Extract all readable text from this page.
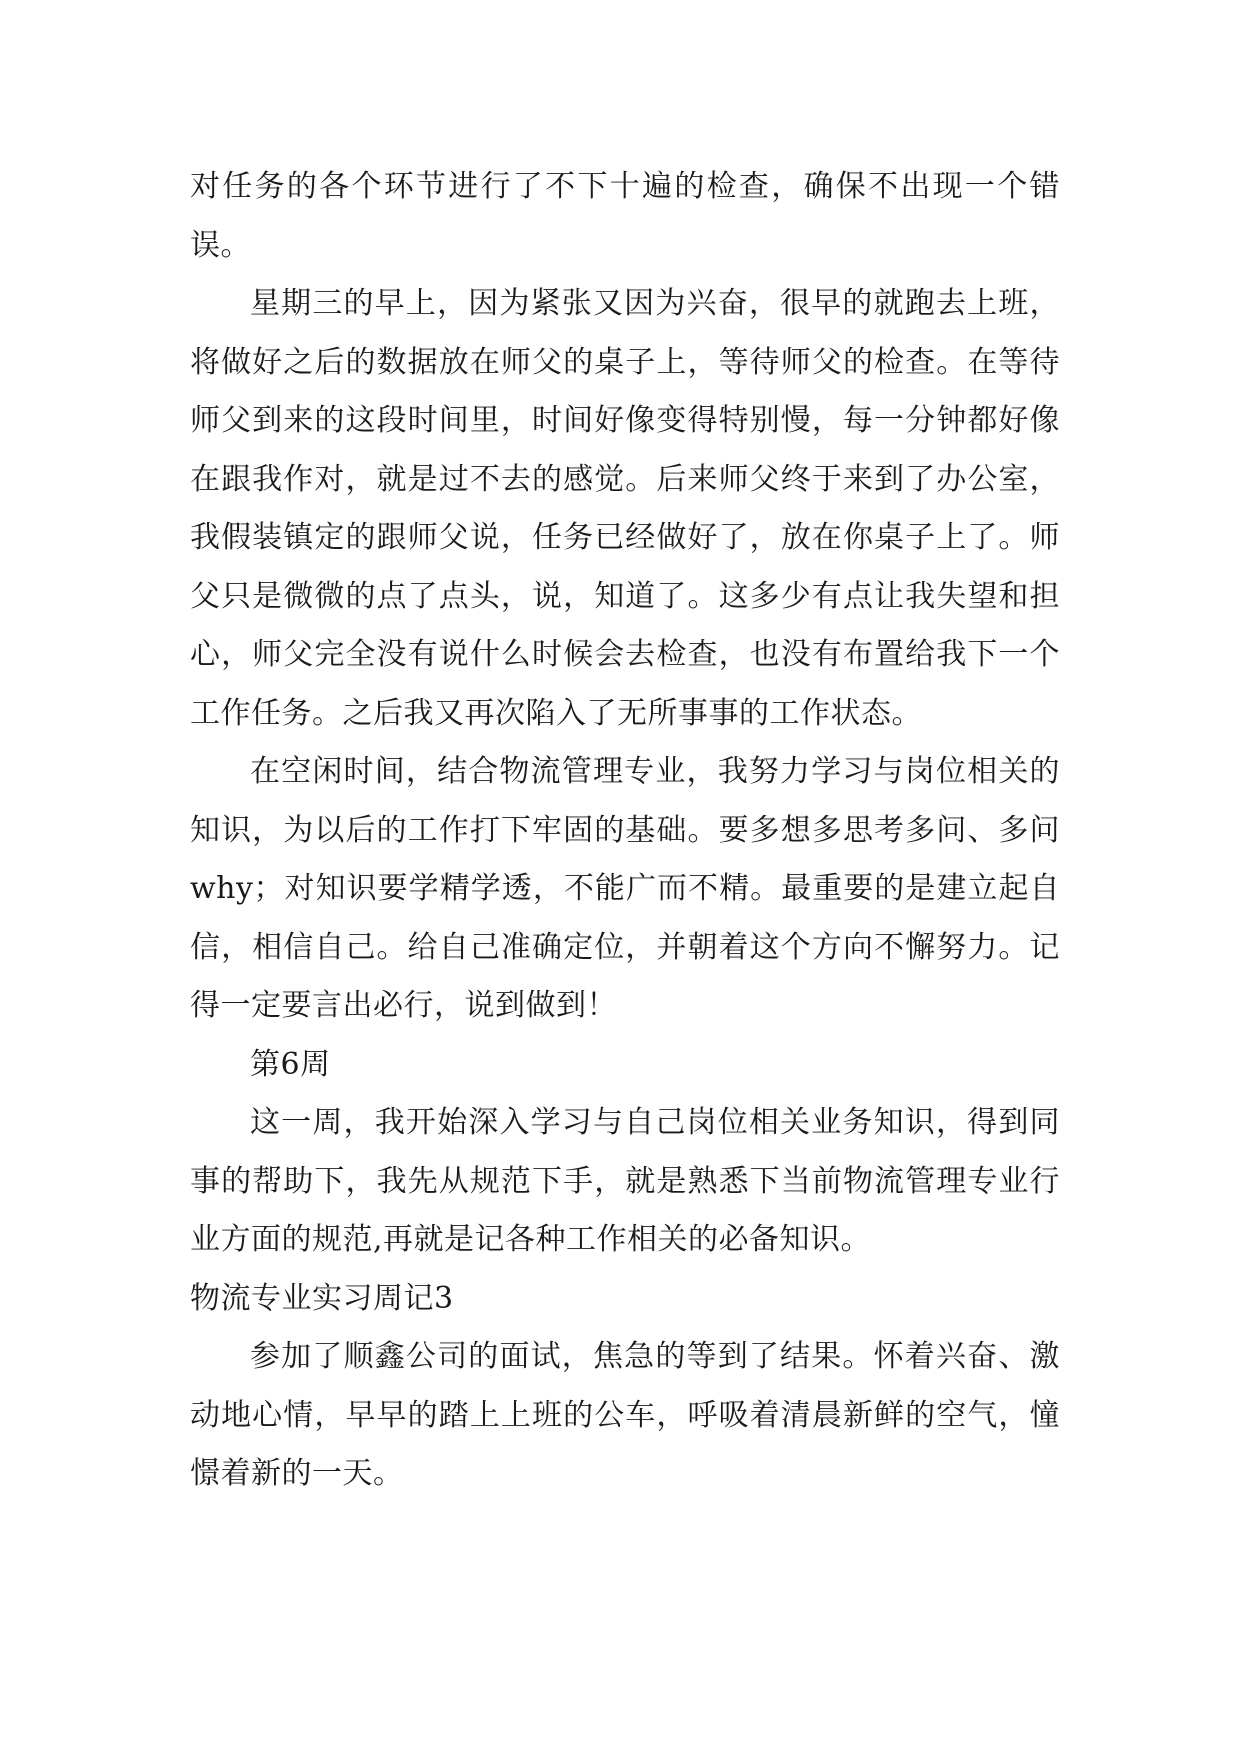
对任务的各个环节进行了不下十遍的检查，确保不出现一个错误。

星期三的早上，因为紧张又因为兴奋，很早的就跑去上班，将做好之后的数据放在师父的桌子上，等待师父的检查。在等待师父到来的这段时间里，时间好像变得特别慢，每一分钟都好像在跟我作对，就是过不去的感觉。后来师父终于来到了办公室，我假装镇定的跟师父说，任务已经做好了，放在你桌子上了。师父只是微微的点了点头，说，知道了。这多少有点让我失望和担心，师父完全没有说什么时候会去检查，也没有布置给我下一个工作任务。之后我又再次陷入了无所事事的工作状态。

在空闲时间，结合物流管理专业，我努力学习与岗位相关的知识，为以后的工作打下牢固的基础。要多想多思考多问、多问why；对知识要学精学透，不能广而不精。最重要的是建立起自信，相信自己。给自己准确定位，并朝着这个方向不懈努力。记得一定要言出必行，说到做到！

第6周

这一周，我开始深入学习与自己岗位相关业务知识，得到同事的帮助下，我先从规范下手，就是熟悉下当前物流管理专业行业方面的规范,再就是记各种工作相关的必备知识。

物流专业实习周记3

参加了顺鑫公司的面试，焦急的等到了结果。怀着兴奋、激动地心情，早早的踏上上班的公车，呼吸着清晨新鲜的空气，憧憬着新的一天。
